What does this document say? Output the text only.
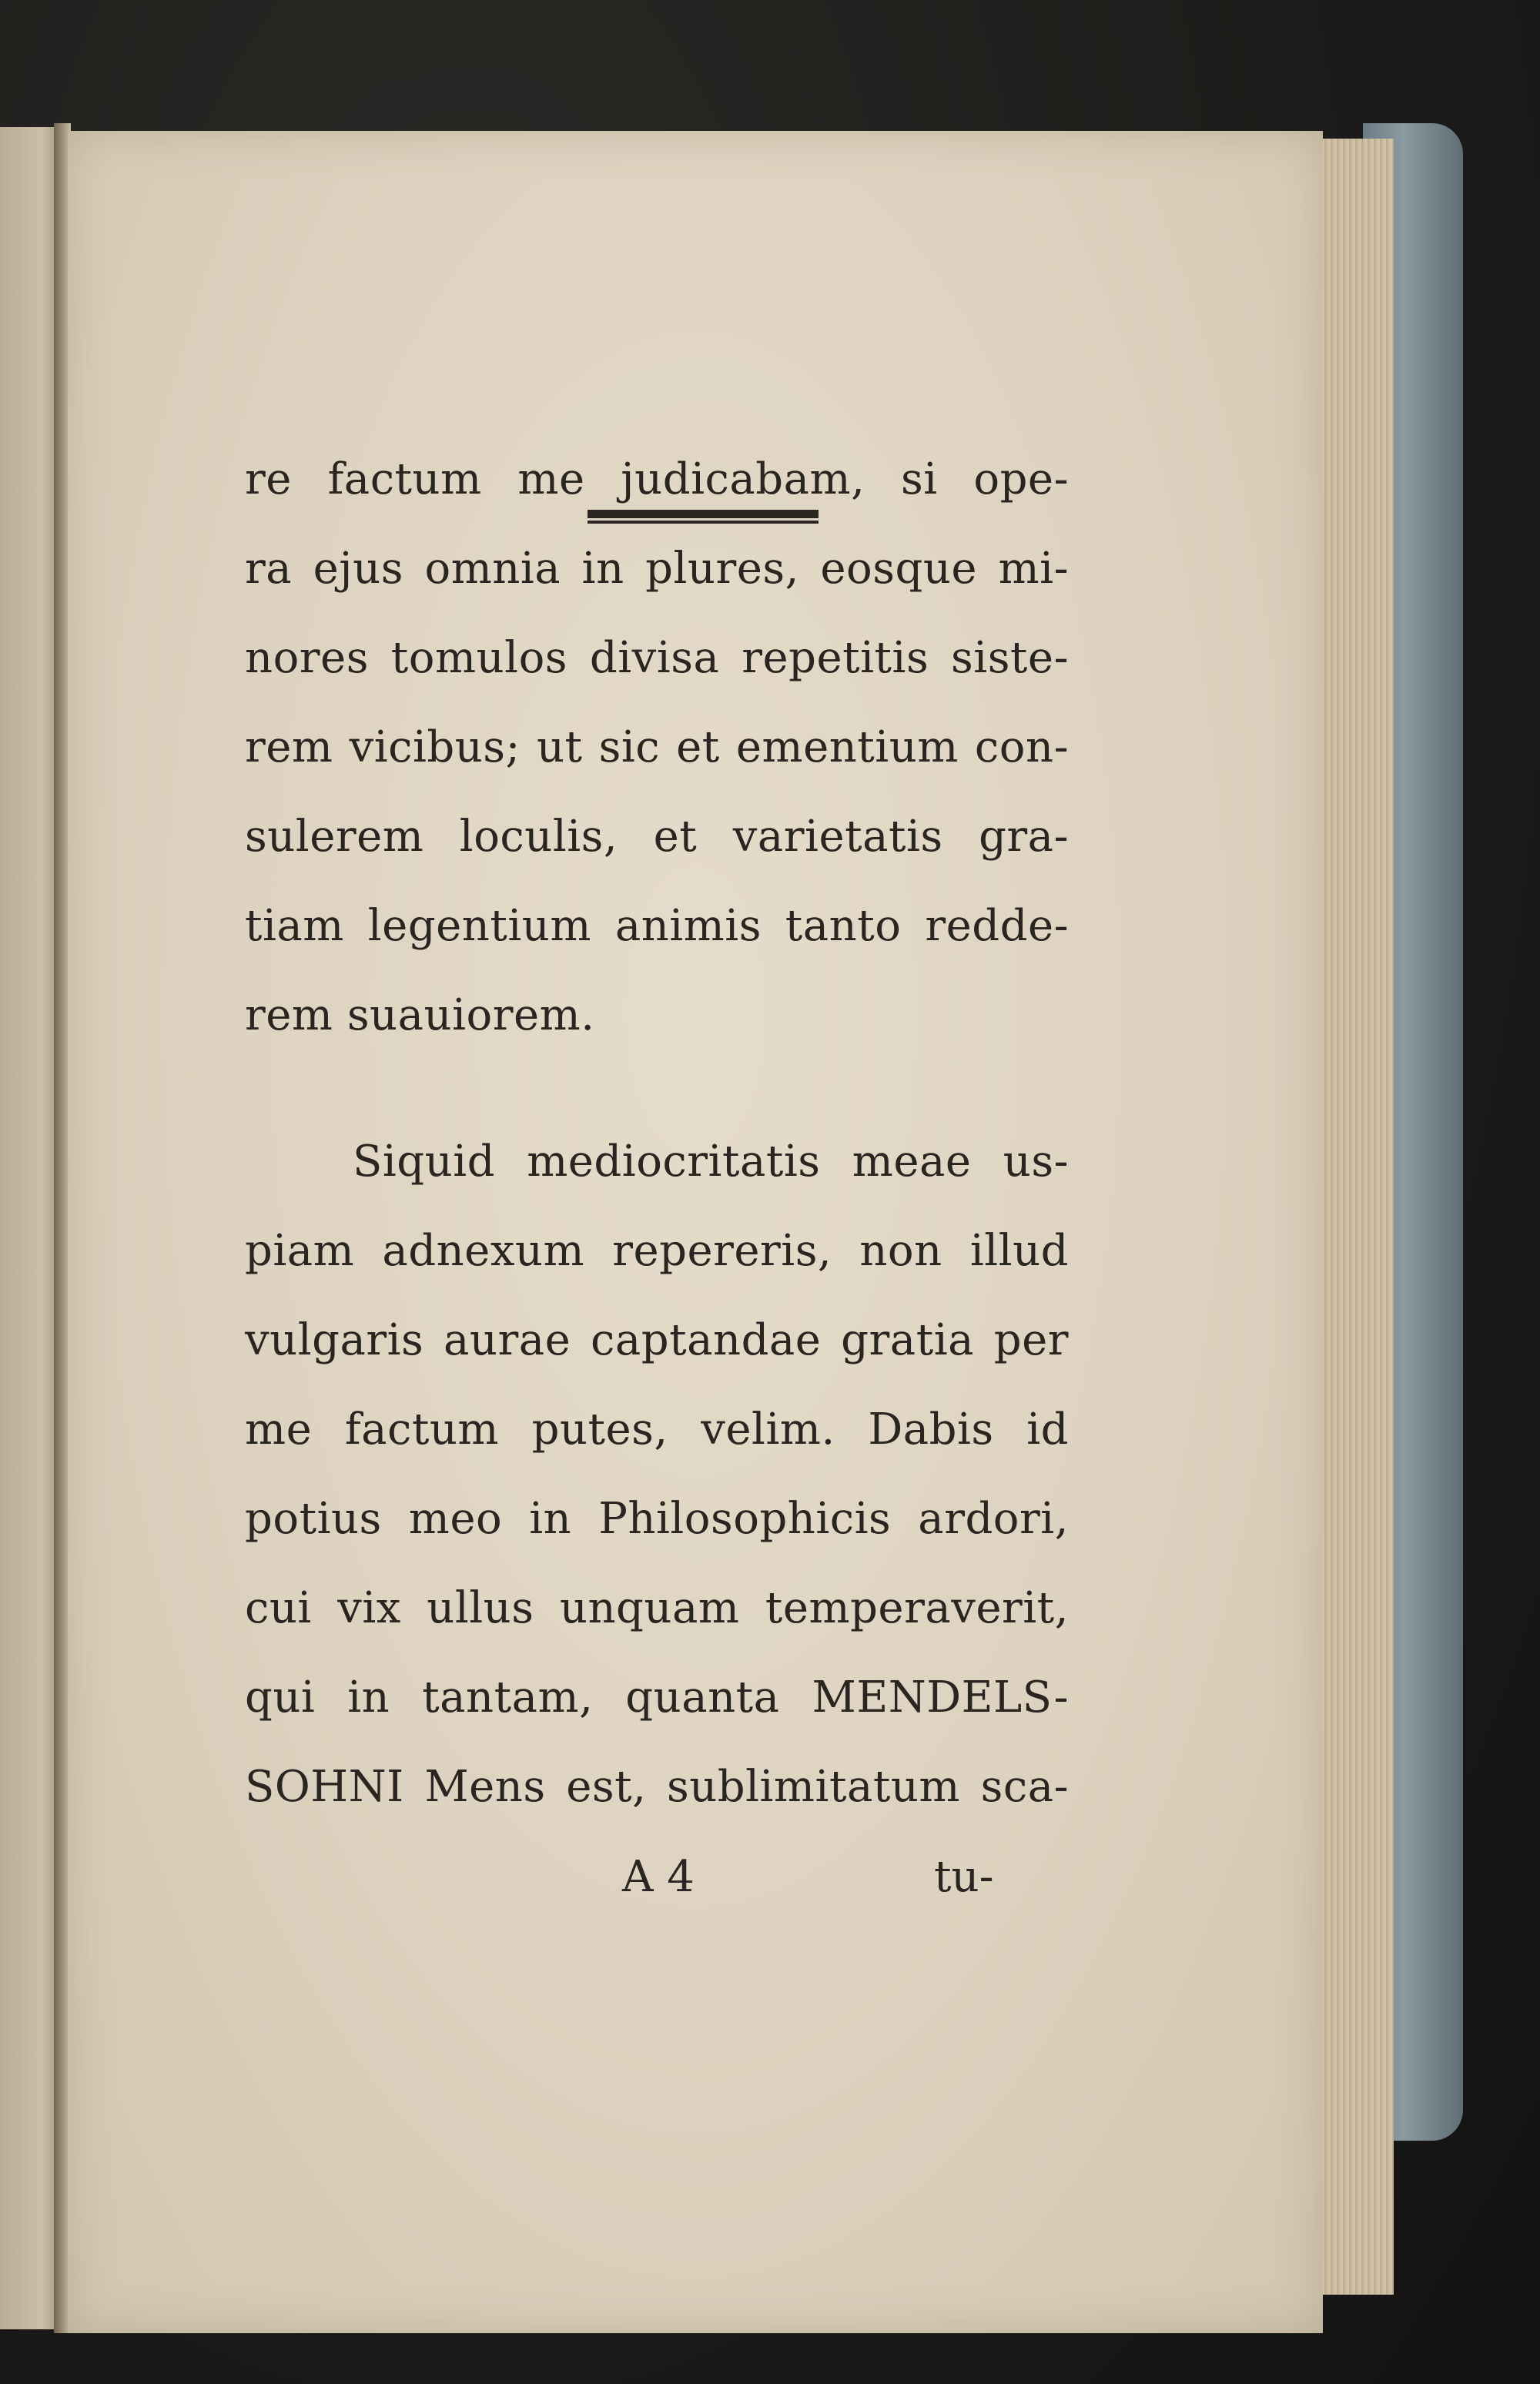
re factum me judicabam, si ope-
ra ejus omnia in plures, eosque mi-
nores tomulos divisa repetitis siste-
rem vicibus; ut sic et ementium con-
sulerem loculis, et varietatis gra-
tiam legentium animis tanto redde-
rem suauiorem.
Siquid mediocritatis meae us-
piam adnexum repereris, non illud
vulgaris aurae captandae gratia per
me factum putes, velim. Dabis id
potius meo in Philosophicis ardori,
cui vix ullus unquam temperaverit,
qui in tantam, quanta MENDELS-
SOHNI Mens est, sublimitatum sca-
A 4	tu-
